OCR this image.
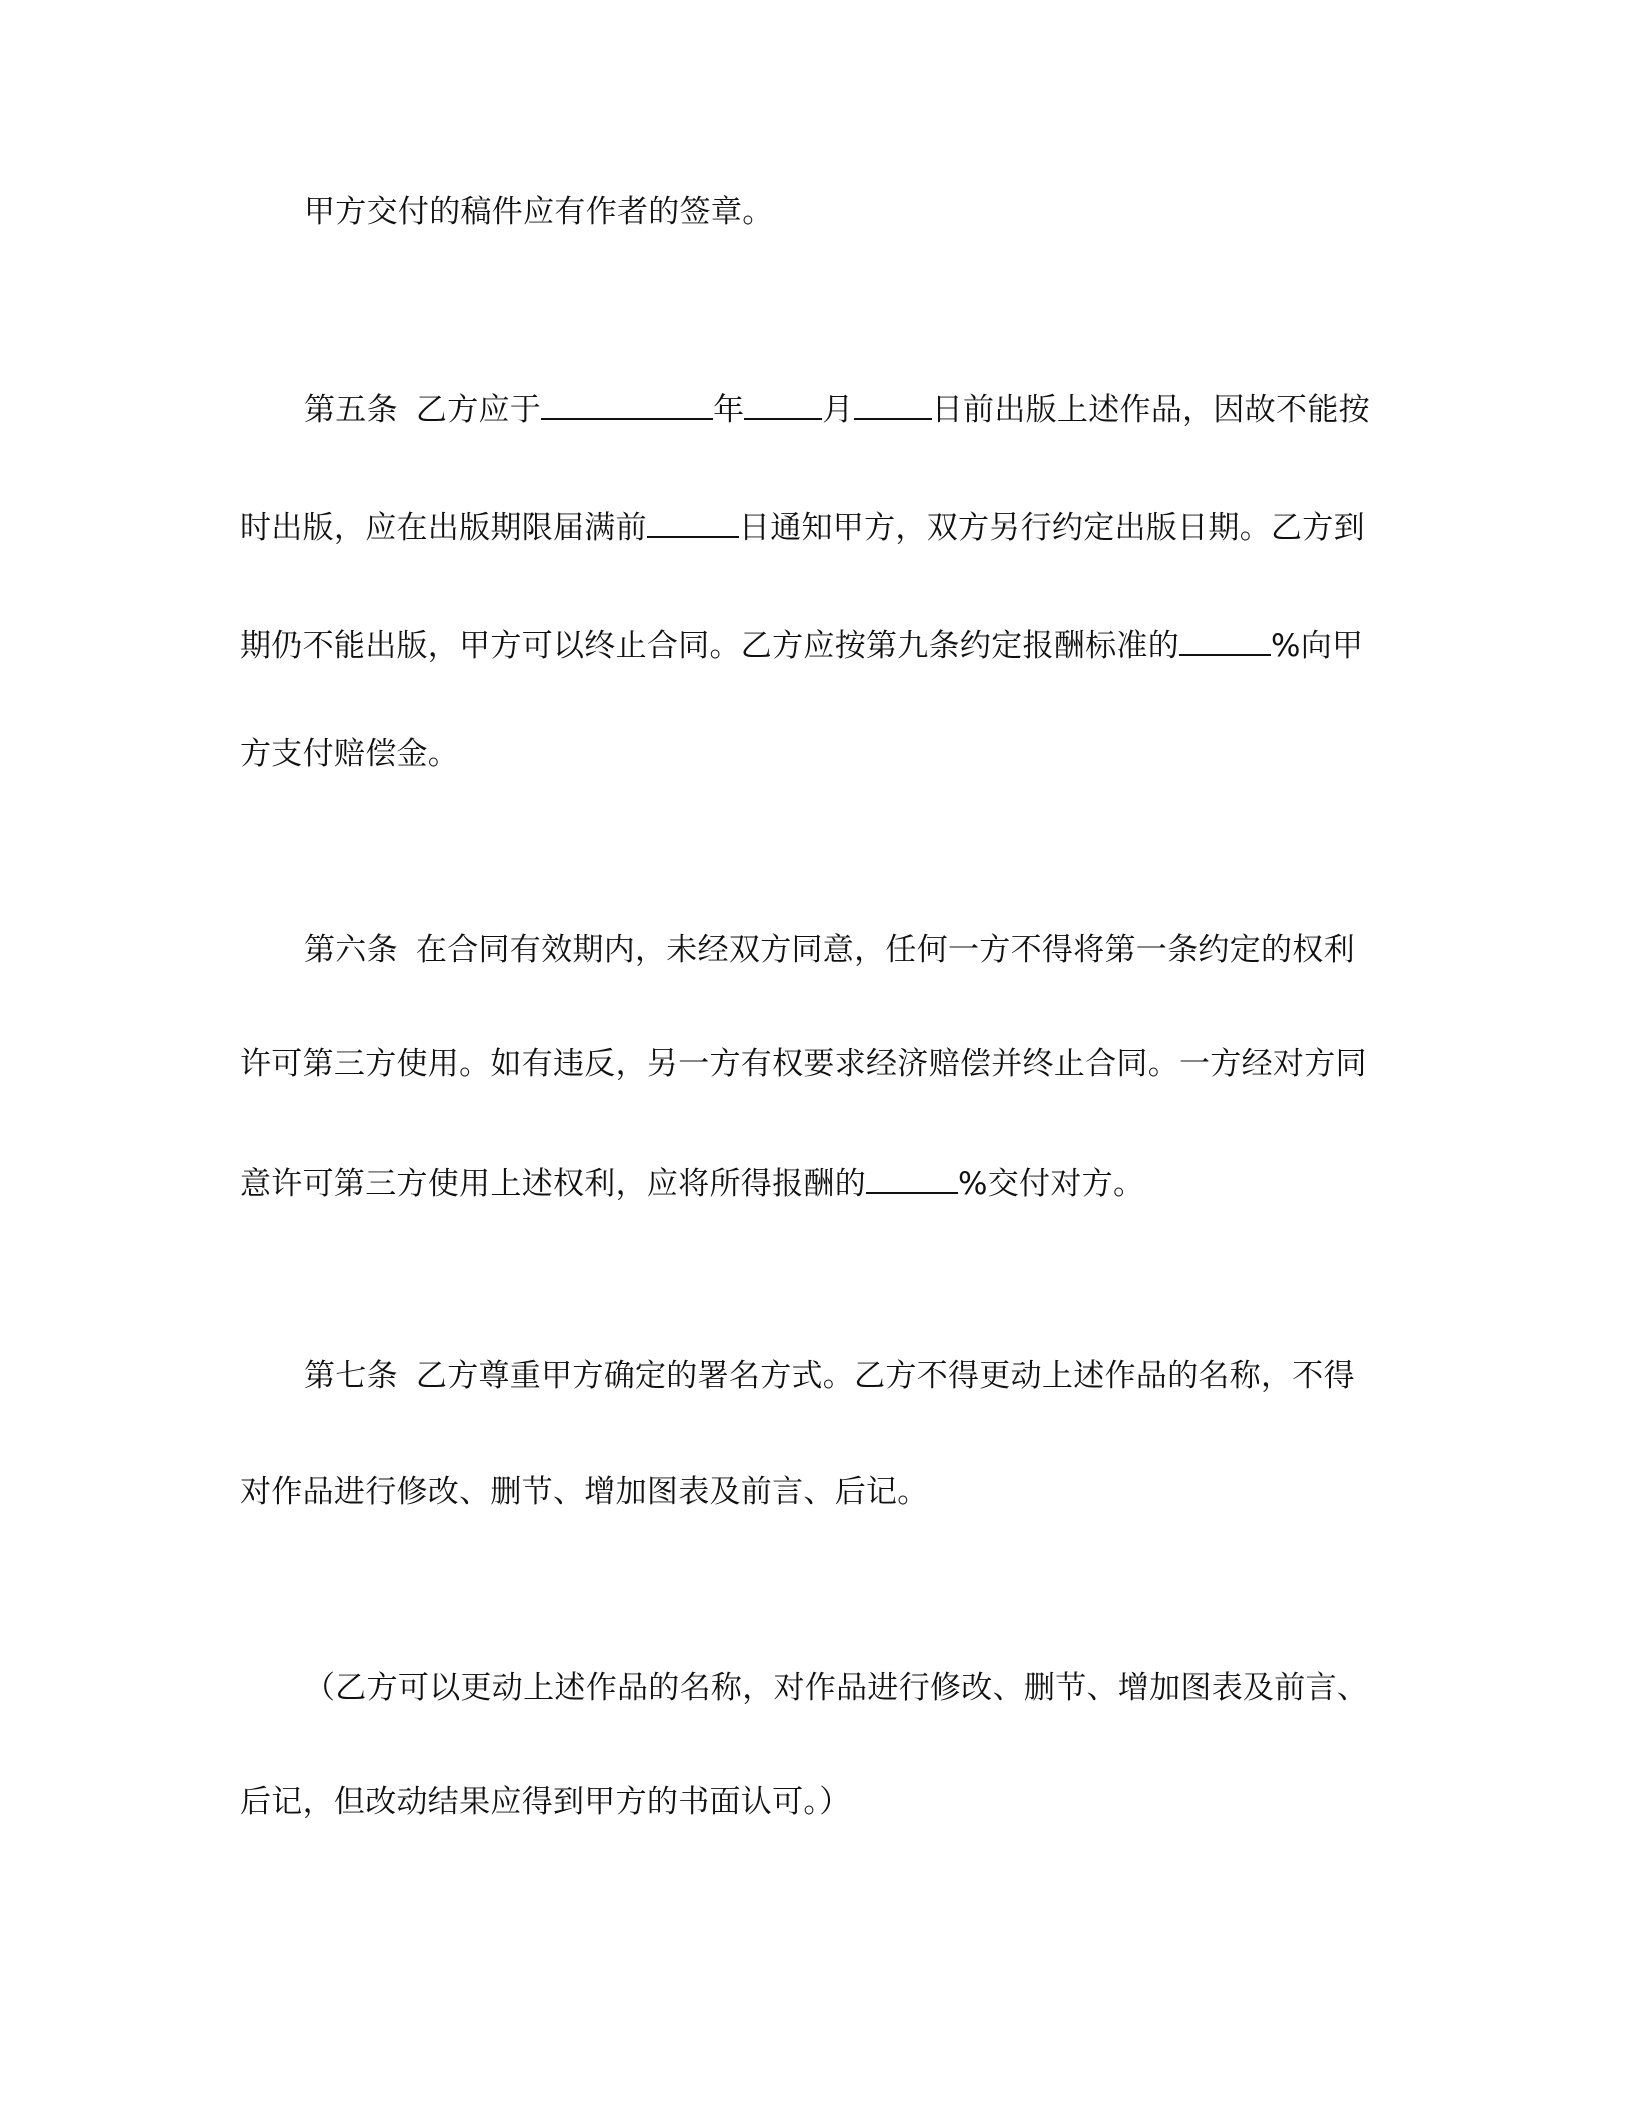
甲方交付的稿件应有作者的签章。
第五条 乙方应于	年	月	日前出版上述作品，因故不能按
时出版，应在出版期限届满前	日通知甲方，双方另行约定出版日期。乙方到
期仍不能出版，甲方可以终止合同。乙方应按第九条约定报酬标准的	%向甲
方支付赔偿金。
第六条 在合同有效期内，未经双方同意，任何一方不得将第一条约定的权利
许可第三方使用。如有违反，另一方有权要求经济赔偿并终止合同。一方经对方同
意许可第三方使用上述权利，应将所得报酬的	%交付对方。
第七条 乙方尊重甲方确定的署名方式。乙方不得更动上述作品的名称，不得
对作品进行修改、删节、增加图表及前言、后记。
（乙方可以更动上述作品的名称，对作品进行修改、删节、增加图表及前言、
后记，但改动结果应得到甲方的书面认可。）
